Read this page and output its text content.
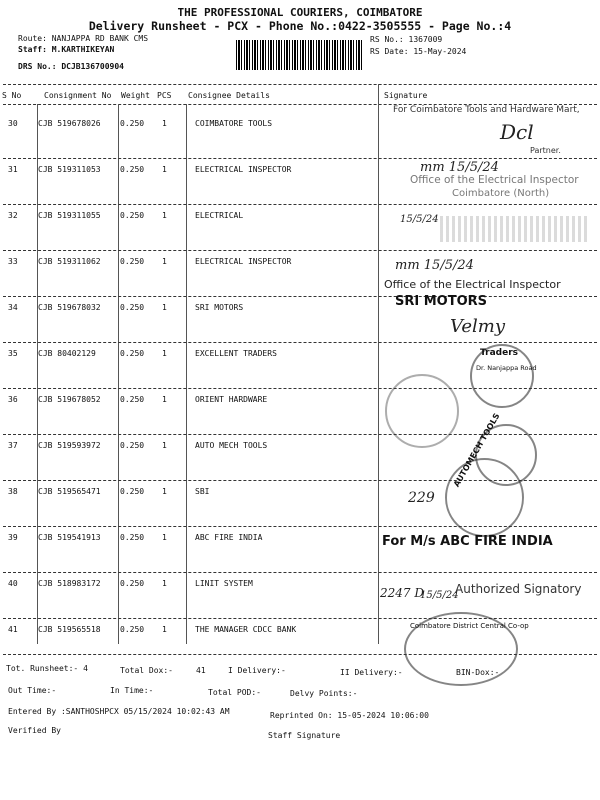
THE PROFESSIONAL COURIERS, COIMBATORE
Delivery Runsheet - PCX - Phone No.:0422-3505555 - Page No.:4
Route: NANJAPPA RD BANK CMS
Staff: M.KARTHIKEYAN
DRS No.: DCJB136700904
RS No.: 1367009
RS Date: 15-May-2024
S No	Consignment No Weight PCS Consignee Details	Signature
30	CJB 519678026 0.250 1	COIMBATORE TOOLS
For Coimbatore Tools and Hardware Mart,
Dcl
Partner.
31	CJB 519311053 0.250 1	ELECTRICAL INSPECTOR	mm 15/5/24
Office of the Electrical Inspector
Coimbatore (North)
32	CJB 519311055 0.250 1	ELECTRICAL	15/5/24
33	CJB 519311062 0.250 1	ELECTRICAL INSPECTOR	mm 15/5/24
Office of the Electrical Inspector
34	CJB 519678032 0.250 1	SRI MOTORS	SRI MOTORS
Velmy
35	CJB 80402129	0.250 1	EXCELLENT TRADERS	Traders
Dr. Nanjappa Road
36	CJB 519678052 0.250 1	ORIENT HARDWARE
37	CJB 519593972 0.250 1	AUTO MECH TOOLS
38	CJB 519565471 0.250 1	SBI
AUTOMECH TOOLS
229
39	CJB 519541913 0.250 1	ABC FIRE INDIA	For M/s ABC FIRE INDIA
40	CJB 518983172 0.250 1	LINIT SYSTEM
2247 D
15/5/24
Authorized Signatory
41	CJB 519565518 0.250 1	THE MANAGER CDCC BANK	Coimbatore District Central Co-op
Tot. Runsheet:- 4	Total Dox:-	41	I Delivery:-	II Delivery:-	BIN-Dox:-
Out Time:-	In Time:-	Total POD:-	Delvy Points:-
Entered By :SANTHOSHPCX 05/15/2024 10:02:43 AM	Reprinted On: 15-05-2024 10:06:00
Verified By
Staff Signature
